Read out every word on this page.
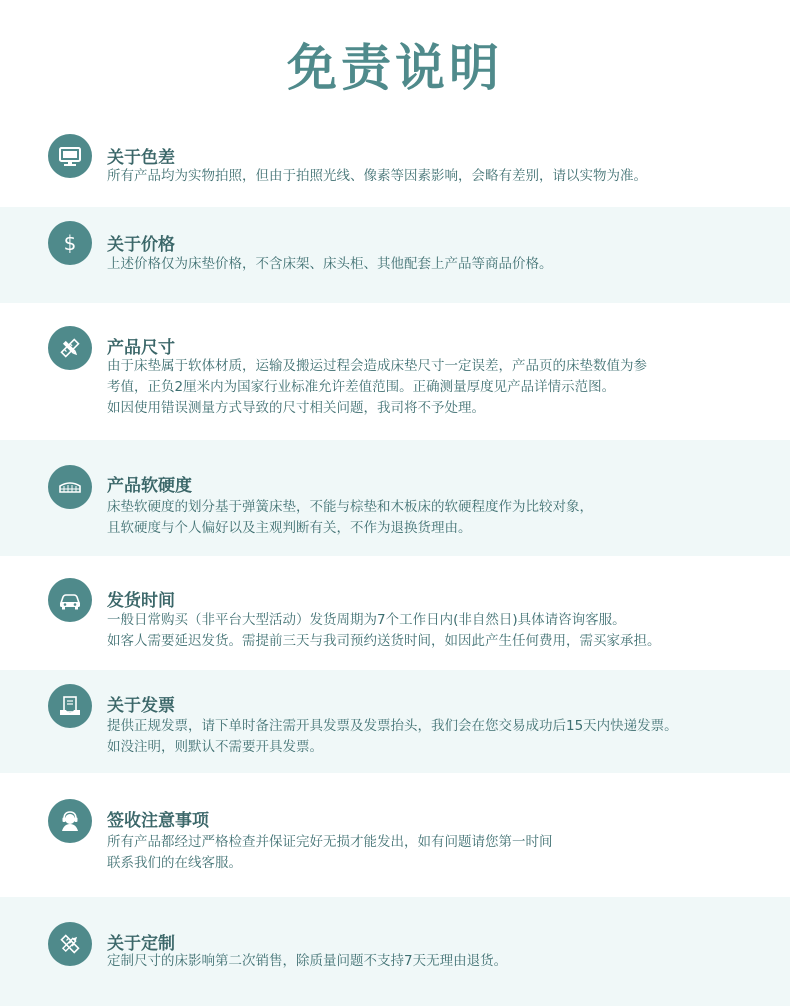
免责说明
关于色差

所有产品均为实物拍照，但由于拍照光线、像素等因素影响，会略有差别，请以实物为准。

$ 关于价格

上述价格仅为床垫价格，不含床架、床头柜、其他配套上产品等商品价格。

产品尺寸

由于床垫属于软体材质，运输及搬运过程会造成床垫尺寸一定误差，产品页的床垫数值为参

考值，正负2厘米内为国家行业标准允许差值范围。正确测量厚度见产品详情示范图。

如因使用错误测量方式导致的尺寸相关问题，我司将不予处理。

产品软硬度

床垫软硬度的划分基于弹簧床垫，不能与棕垫和木板床的软硬程度作为比较对象，

且软硬度与个人偏好以及主观判断有关，不作为退换货理由。

发货时间

一般日常购买（非平台大型活动）发货周期为7个工作日内(非自然日)具体请咨询客服。

如客人需要延迟发货。需提前三天与我司预约送货时间，如因此产生任何费用，需买家承担。

关于发票

提供正规发票，请下单时备注需开具发票及发票抬头，我们会在您交易成功后15天内快递发票。

如没注明，则默认不需要开具发票。

签收注意事项

所有产品都经过严格检查并保证完好无损才能发出，如有问题请您第一时间

联系我们的在线客服。

关于定制

定制尺寸的床影响第二次销售，除质量问题不支持7天无理由退货。
